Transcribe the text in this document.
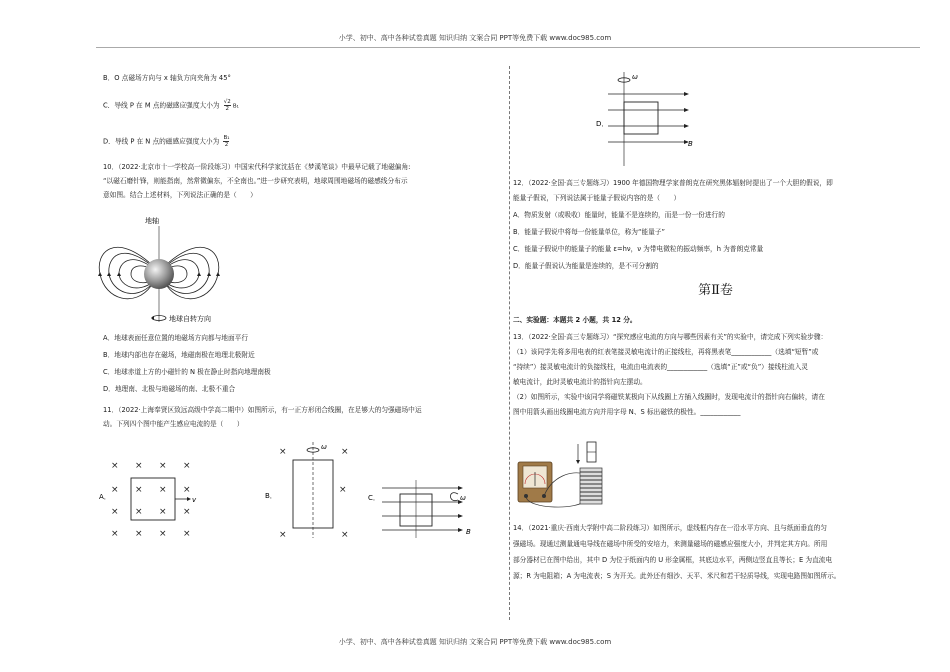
小学、初中、高中各种试卷真题 知识归纳 文案合同 PPT等免费下载 www.doc985.com
B．O 点磁场方向与 x 轴负方向夹角为 45°
C．导线 P 在 M 点的磁感应强度大小为 $\frac{√2}{2} B_1$
D．导线 P 在 N 点的磁感应强度大小为 $\frac{\text{B₁}}{2}$

10．（2022·北京市十一学校高一阶段练习）中国宋代科学家沈括在《梦溪笔谈》中最早记载了地磁偏角:

“以磁石磨针锋，则能指南，然常微偏东，不全南也。”进一步研究表明，地球周围地磁场的磁感线分布示

意如图。结合上述材料，下列说法正确的是（　　）

地轴
地球自转方向

A．地球表面任意位置的地磁场方向都与地面平行

B．地球内部也存在磁场，地磁南极在地理北极附近

C．地球赤道上方的小磁针的 N 极在静止时指向地理南极

D．地理南、北极与地磁场的南、北极不重合

11．（2022·上海奉贤区致远高级中学高二期中）如图所示，有一正方形闭合线圈，在足够大的匀强磁场中运

动。下列四个图中能产生感应电流的是（　　）

A．
× × × ×
× × × ×
× × × ×
× × × ×
v	B．
ω
×	×
×
×	×
C．	ω
B
D．
ω
B

12．（2022·全国·高三专题练习）1900 年德国物理学家普朗克在研究黑体辐射时提出了一个大胆的假说，即

能量子假说，下列说法属于能量子假说内容的是（　　）

A．物质发射（或吸收）能量时，能量不是连续的，而是一份一份进行的

B．能量子假说中将每一份能量单位，称为“能量子”

C．能量子假说中的能量子的能量 ε=hν，ν 为带电微粒的振动频率，h 为普朗克常量

D．能量子假说认为能量是连续的，是不可分割的

第Ⅱ卷
二、实验题：本题共 2 小题，共 12 分。

13．（2022·全国·高三专题练习）“探究感应电流的方向与哪些因素有关”的实验中，请完成下列实验步骤：

（1）该同学先将多用电表的红表笔接灵敏电流计的正接线柱，再将黑表笔____________（选填“短暂”或

“持续”）接灵敏电流计的负接线柱，电流由电流表的____________（选填“正”或“负”）接线柱流入灵

敏电流计，此时灵敏电流计的指针向左摆动。

（2）如图所示，实验中该同学将磁铁某极向下从线圈上方插入线圈时，发现电流计的指针向右偏转，请在

图中用箭头画出线圈电流方向并用字母 N、S 标出磁铁的极性。____________

14．（2021·重庆·西南大学附中高二阶段练习）如图所示，虚线框内存在一沿水平方向、且与纸面垂直的匀

强磁场。现通过测量通电导线在磁场中所受的安培力，来测量磁场的磁感应强度大小，并判定其方向。所用

部分器材已在图中给出，其中 D 为位于纸面内的 U 形金属框，其底边水平，两侧边竖直且等长；E 为直流电

源；R 为电阻箱；A 为电流表；S 为开关。此外还有细沙、天平、米尺和若干轻质导线，实现电路图如图所示。

小学、初中、高中各种试卷真题 知识归纳 文案合同 PPT等免费下载 www.doc985.com
